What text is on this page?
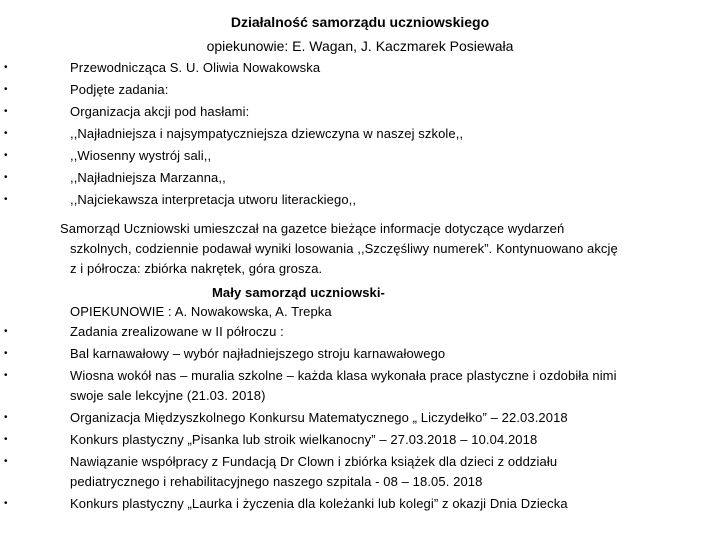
Działalność samorządu uczniowskiego
opiekunowie: E. Wagan, J. Kaczmarek Posiewała
•	Przewodnicząca S. U. Oliwia Nowakowska
•	Podjęte zadania:
•	Organizacja akcji pod hasłami:
•	,,Najładniejsza i najsympatyczniejsza dziewczyna w naszej szkole,,
•	,,Wiosenny wystrój sali,,
•	,,Najładniejsza Marzanna,,
•	,,Najciekawsza interpretacja utworu literackiego,,
Samorząd Uczniowski umieszczał na gazetce bieżące informacje dotyczące wydarzeń
szkolnych, codziennie podawał wyniki losowania ,,Szczęśliwy numerek”. Kontynuowano akcję
z i półrocza: zbiórka nakrętek, góra grosza.
Mały samorząd uczniowski-
OPIEKUNOWIE : A. Nowakowska, A. Trepka
•	Zadania zrealizowane w II półroczu :
•	Bal karnawałowy – wybór najładniejszego stroju karnawałowego
•	Wiosna wokół nas – muralia szkolne – każda klasa wykonała prace plastyczne i ozdobiła nimi
swoje sale lekcyjne (21.03. 2018)
•	Organizacja Międzyszkolnego Konkursu Matematycznego „ Liczydełko” – 22.03.2018
•	Konkurs plastyczny „Pisanka lub stroik wielkanocny” – 27.03.2018 – 10.04.2018
•	Nawiązanie współpracy z Fundacją Dr Clown i zbiórka książek dla dzieci z oddziału
pediatrycznego i rehabilitacyjnego naszego szpitala - 08 – 18.05. 2018
•	Konkurs plastyczny „Laurka i życzenia dla koleżanki lub kolegi” z okazji Dnia Dziecka
